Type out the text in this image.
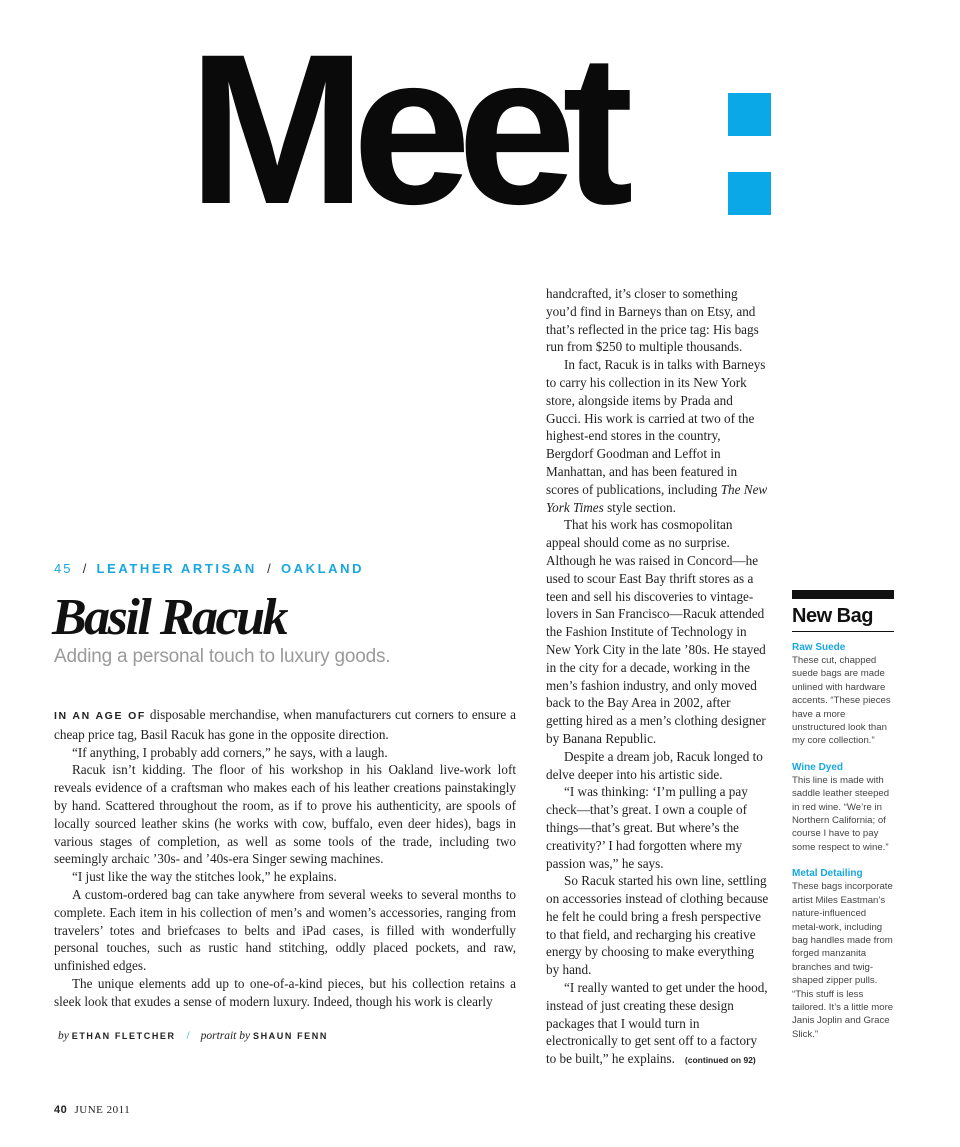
Meet
45 / LEATHER ARTISAN / OAKLAND
Basil Racuk
Adding a personal touch to luxury goods.

IN AN AGE OF disposable merchandise, when manufacturers cut corners to ensure a cheap price tag, Basil Racuk has gone in the opposite direction.

“If anything, I probably add corners,” he says, with a laugh.

Racuk isn’t kidding. The floor of his workshop in his Oakland live-work loft reveals evidence of a craftsman who makes each of his leather creations painstakingly by hand. Scattered throughout the room, as if to prove his authenticity, are spools of locally sourced leather skins (he works with cow, buffalo, even deer hides), bags in various stages of completion, as well as some tools of the trade, including two seemingly archaic ’30s- and ’40s-era Singer sewing machines.

“I just like the way the stitches look,” he explains.

A custom-ordered bag can take anywhere from several weeks to several months to complete. Each item in his collection of men’s and women’s accessories, ranging from travelers’ totes and briefcases to belts and iPad cases, is filled with wonderfully personal touches, such as rustic hand stitching, oddly placed pockets, and raw, unfinished edges.

The unique elements add up to one-of-a-kind pieces, but his collection retains a sleek look that exudes a sense of modern luxury. Indeed, though his work is clearly

by ETHAN FLETCHER / portrait by SHAUN FENN

handcrafted, it’s closer to something you’d find in Barneys than on Etsy, and that’s reflected in the price tag: His bags run from $250 to multiple thousands.

In fact, Racuk is in talks with Barneys to carry his collection in its New York store, alongside items by Prada and Gucci. His work is carried at two of the highest-end stores in the country, Bergdorf Goodman and Leffot in Manhattan, and has been featured in scores of publications, including The New York Times style section.

That his work has cosmopolitan appeal should come as no surprise. Although he was raised in Concord—he used to scour East Bay thrift stores as a teen and sell his discoveries to vintage-lovers in San Francisco—Racuk attended the Fashion Institute of Technology in New York City in the late ’80s. He stayed in the city for a decade, working in the men’s fashion industry, and only moved back to the Bay Area in 2002, after getting hired as a men’s clothing designer by Banana Republic.

Despite a dream job, Racuk longed to delve deeper into his artistic side.

“I was thinking: ‘I’m pulling a pay check—that’s great. I own a couple of things—that’s great. But where’s the creativity?’ I had forgotten where my passion was,” he says.

So Racuk started his own line, settling on accessories instead of clothing because he felt he could bring a fresh perspective to that field, and recharging his creative energy by choosing to make everything by hand.

“I really wanted to get under the hood, instead of just creating these design packages that I would turn in electronically to get sent off to a factory to be built,” he explains. (continued on 92)

New Bag
Raw Suede
These cut, chapped suede bags are made unlined with hardware accents. “These pieces have a more unstructured look than my core collection.”
Wine Dyed
This line is made with saddle leather steeped in red wine. “We’re in Northern California; of course I have to pay some respect to wine.”
Metal Detailing
These bags incorporate artist Miles Eastman’s nature-influenced metal-work, including bag handles made from forged manzanita branches and twig-shaped zipper pulls. “This stuff is less tailored. It’s a little more Janis Joplin and Grace Slick.”
40 JUNE 2011
